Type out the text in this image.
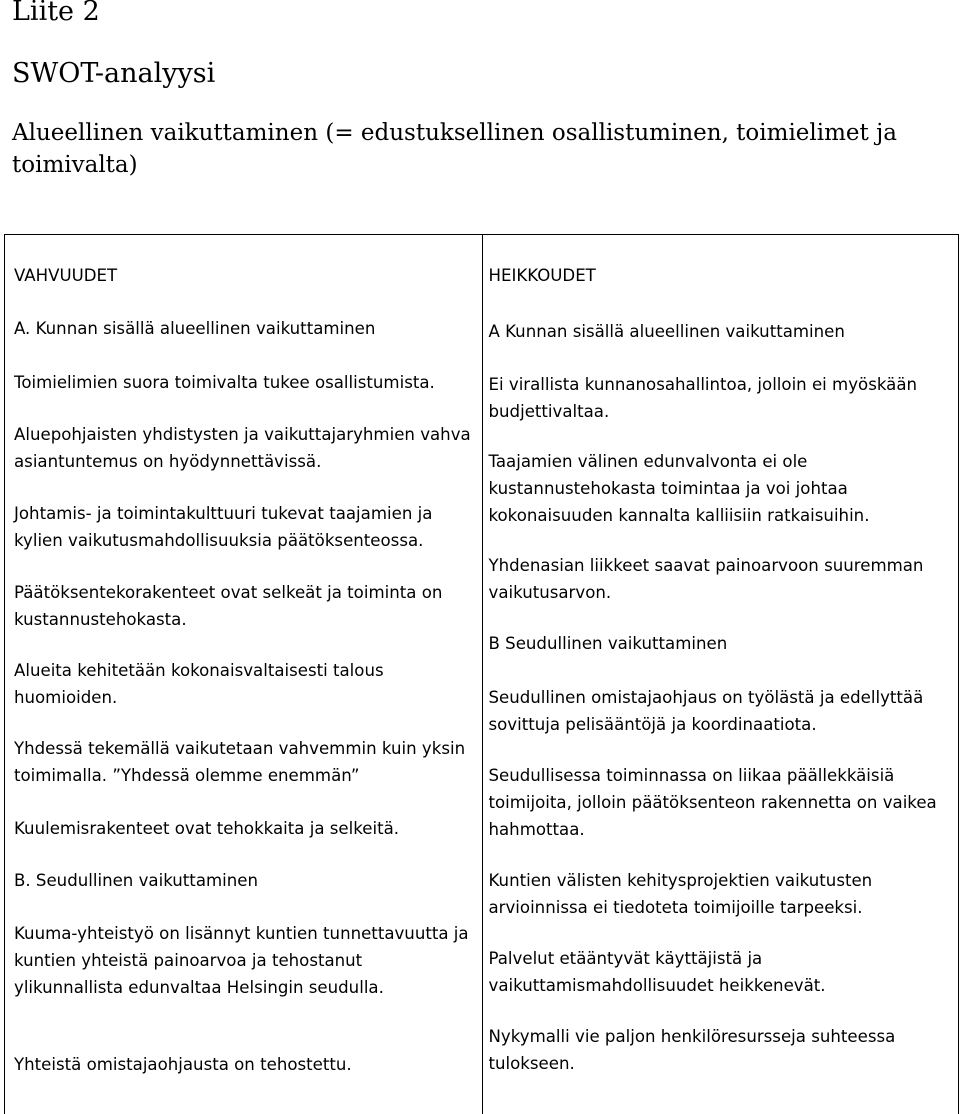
Liite 2
SWOT-analyysi
Alueellinen vaikuttaminen (= edustuksellinen osallistuminen, toimielimet ja toimivalta)

VAHVUUDET

A. Kunnan sisällä alueellinen vaikuttaminen

Toimielimien suora toimivalta tukee osallistumista.

Aluepohjaisten yhdistysten ja vaikuttajaryhmien vahva asiantuntemus on hyödynnettävissä.

Johtamis- ja toimintakulttuuri tukevat taajamien ja kylien vaikutusmahdollisuuksia päätöksenteossa.

Päätöksentekorakenteet ovat selkeät ja toiminta on kustannustehokasta.

Alueita kehitetään kokonaisvaltaisesti talous huomioiden.

Yhdessä tekemällä vaikutetaan vahvemmin kuin yksin toimimalla. ”Yhdessä olemme enemmän”

Kuulemisrakenteet ovat tehokkaita ja selkeitä.

B. Seudullinen vaikuttaminen

Kuuma-yhteistyö on lisännyt kuntien tunnettavuutta ja kuntien yhteistä painoarvoa ja tehostanut ylikunnallista edunvaltaa Helsingin seudulla.

Yhteistä omistajaohjausta on tehostettu.

HEIKKOUDET

A Kunnan sisällä alueellinen vaikuttaminen

Ei virallista kunnanosahallintoa, jolloin ei myöskään budjettivaltaa.

Taajamien välinen edunvalvonta ei ole kustannustehokasta toimintaa ja voi johtaa kokonaisuuden kannalta kalliisiin ratkaisuihin.

Yhdenasian liikkeet saavat painoarvoon suuremman vaikutusarvon.

B Seudullinen vaikuttaminen

Seudullinen omistajaohjaus on työlästä ja edellyttää sovittuja pelisääntöjä ja koordinaatiota.

Seudullisessa toiminnassa on liikaa päällekkäisiä toimijoita, jolloin päätöksenteon rakennetta on vaikea hahmottaa.

Kuntien välisten kehitysprojektien vaikutusten arvioinnissa ei tiedoteta toimijoille tarpeeksi.

Palvelut etääntyvät käyttäjistä ja vaikuttamismahdollisuudet heikkenevät.

Nykymalli vie paljon henkilöresursseja suhteessa tulokseen.
